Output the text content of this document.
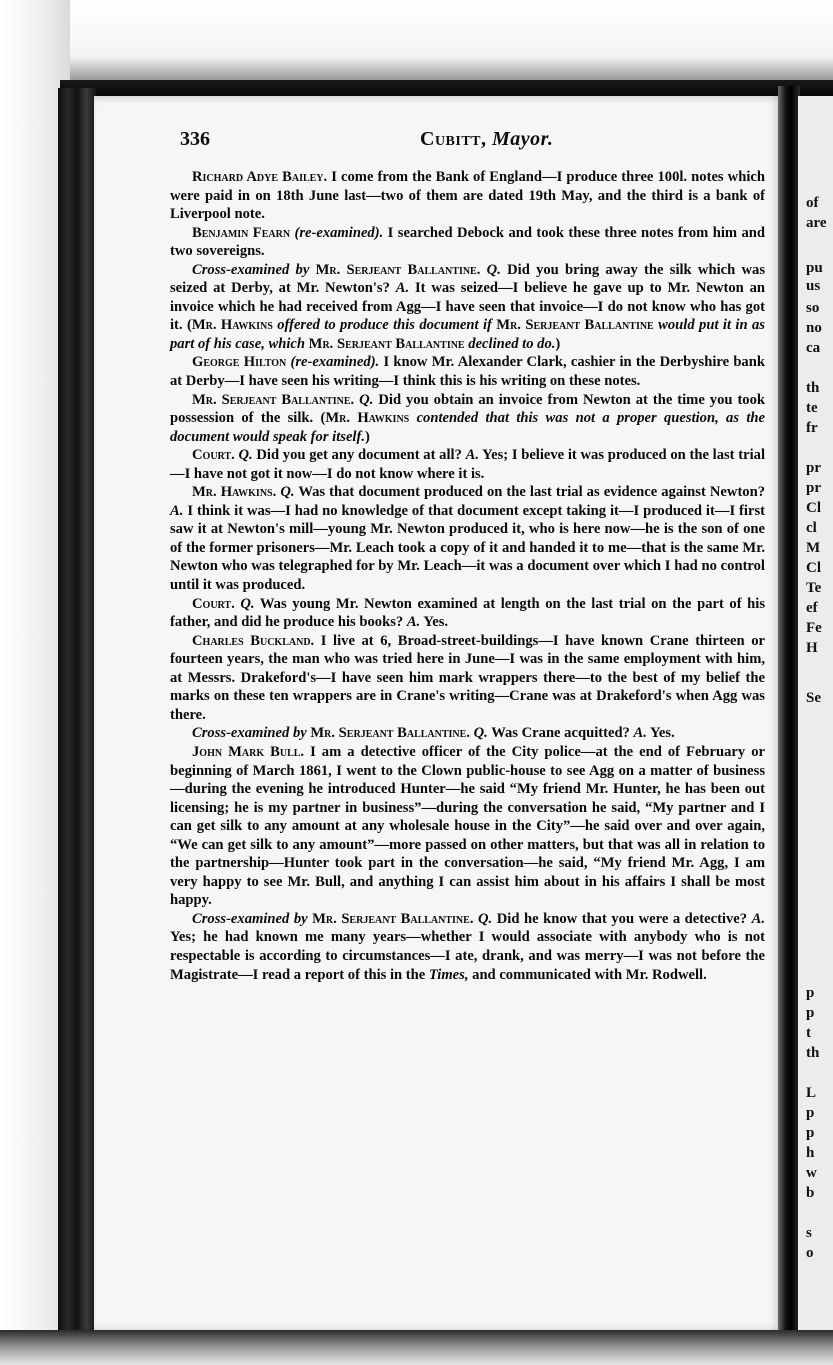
of
are
pu
us
so
no
ca
th
te
fr
pr
pr
Cl
cl
M
Cl
Te
ef
Fe
H
Se
p
p
t
th
L
p
p
h
w
b
s
o
336	Cubitt, Mayor.

Richard Adye Bailey. I come from the Bank of England—I produce three 100l. notes which were paid in on 18th June last—two of them are dated 19th May, and the third is a bank of Liverpool note.

Benjamin Fearn (re-examined). I searched Debock and took these three notes from him and two sovereigns.

Cross-examined by Mr. Serjeant Ballantine. Q. Did you bring away the silk which was seized at Derby, at Mr. Newton's? A. It was seized—I believe he gave up to Mr. Newton an invoice which he had received from Agg—I have seen that invoice—I do not know who has got it. (Mr. Hawkins offered to produce this document if Mr. Serjeant Ballantine would put it in as part of his case, which Mr. Serjeant Ballantine declined to do.)

George Hilton (re-examined). I know Mr. Alexander Clark, cashier in the Derbyshire bank at Derby—I have seen his writing—I think this is his writing on these notes.

Mr. Serjeant Ballantine. Q. Did you obtain an invoice from Newton at the time you took possession of the silk. (Mr. Hawkins contended that this was not a proper question, as the document would speak for itself.)

Court. Q. Did you get any document at all? A. Yes; I believe it was produced on the last trial—I have not got it now—I do not know where it is.

Mr. Hawkins. Q. Was that document produced on the last trial as evidence against Newton? A. I think it was—I had no knowledge of that document except taking it—I produced it—I first saw it at Newton's mill—young Mr. Newton produced it, who is here now—he is the son of one of the former prisoners—Mr. Leach took a copy of it and handed it to me—that is the same Mr. Newton who was telegraphed for by Mr. Leach—it was a document over which I had no control until it was produced.

Court. Q. Was young Mr. Newton examined at length on the last trial on the part of his father, and did he produce his books? A. Yes.

Charles Buckland. I live at 6, Broad-street-buildings—I have known Crane thirteen or fourteen years, the man who was tried here in June—I was in the same employment with him, at Messrs. Drakeford's—I have seen him mark wrappers there—to the best of my belief the marks on these ten wrappers are in Crane's writing—Crane was at Drakeford's when Agg was there.

Cross-examined by Mr. Serjeant Ballantine. Q. Was Crane acquitted? A. Yes.

John Mark Bull. I am a detective officer of the City police—at the end of February or beginning of March 1861, I went to the Clown public-house to see Agg on a matter of business—during the evening he introduced Hunter—he said “My friend Mr. Hunter, he has been out licensing; he is my partner in business”—during the conversation he said, “My partner and I can get silk to any amount at any wholesale house in the City”—he said over and over again, “We can get silk to any amount”—more passed on other matters, but that was all in relation to the partnership—Hunter took part in the conversation—he said, “My friend Mr. Agg, I am very happy to see Mr. Bull, and anything I can assist him about in his affairs I shall be most happy.

Cross-examined by Mr. Serjeant Ballantine. Q. Did he know that you were a detective? A. Yes; he had known me many years—whether I would associate with anybody who is not respectable is according to circumstances—I ate, drank, and was merry—I was not before the Magistrate—I read a report of this in the Times, and communicated with Mr. Rodwell.
